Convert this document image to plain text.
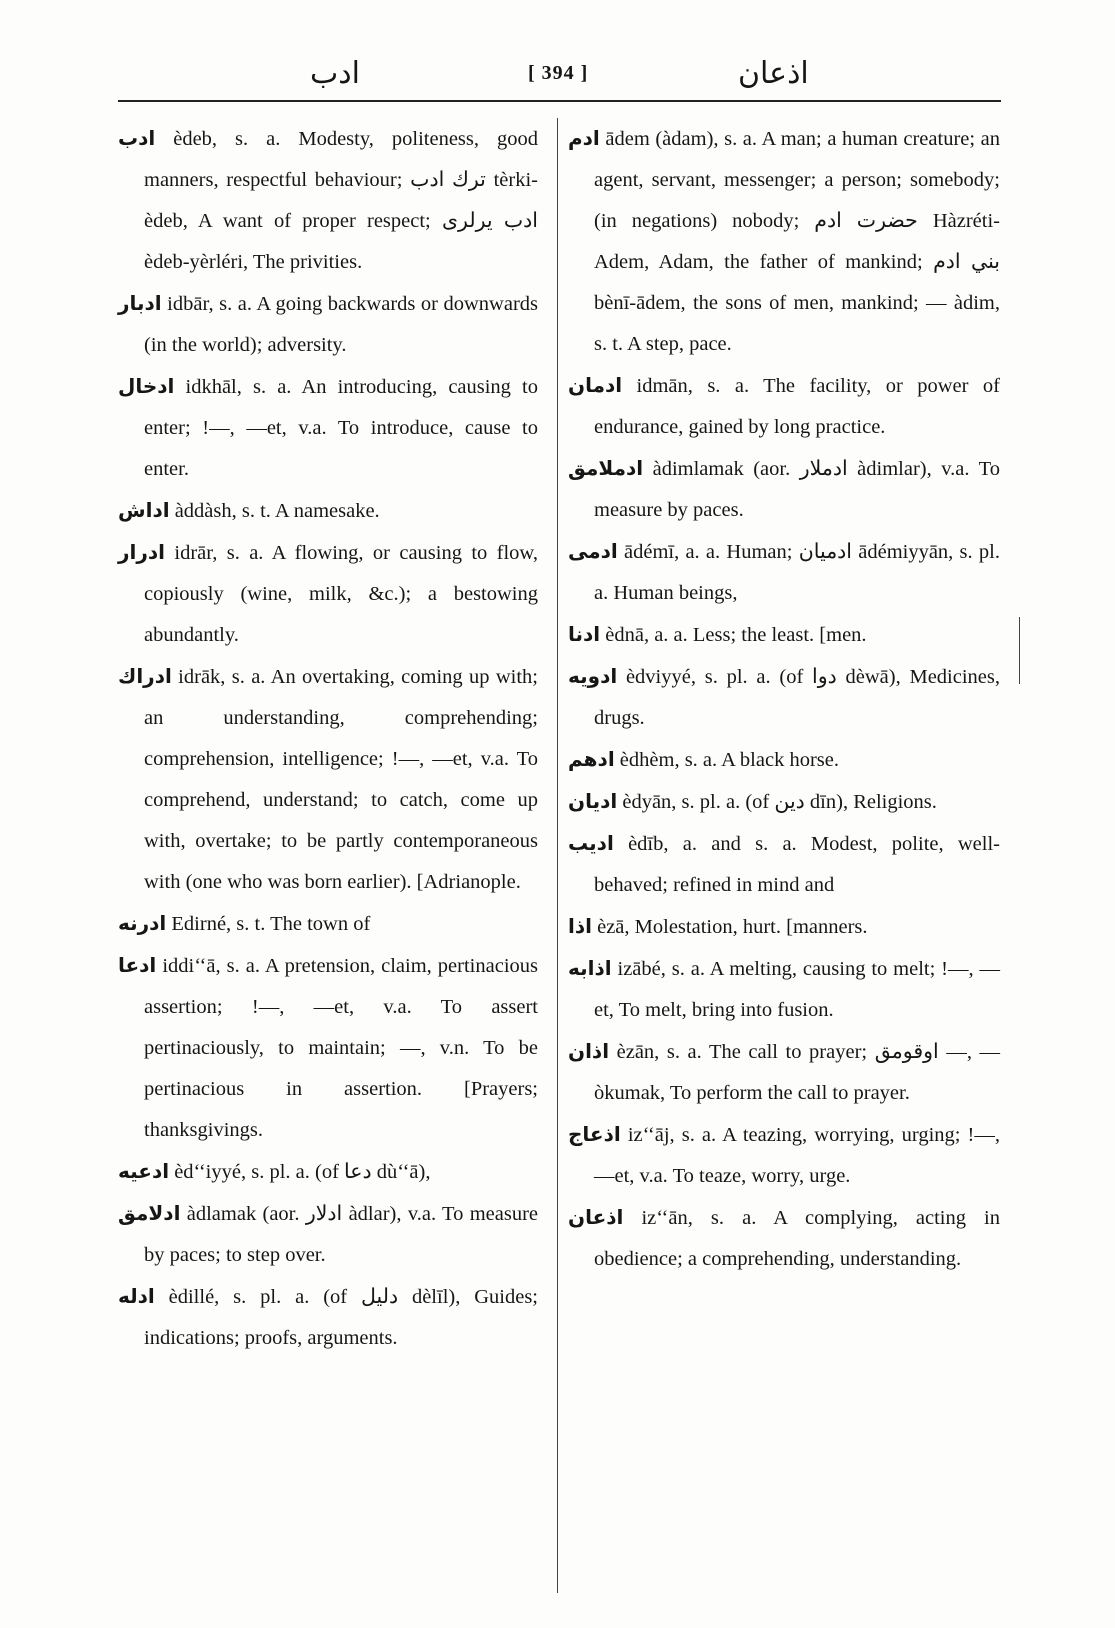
ادب	[ 394 ]	اذعان
ادب èdeb, s. a. Modesty, politeness, good manners, respectful behaviour; ترك ادب tèrki-èdeb, A want of proper respect; ادب يرلرى èdeb-yèrléri, The privities.
ادبار idbār, s. a. A going backwards or downwards (in the world); adversity.
ادخال idkhāl, s. a. An introducing, causing to enter; !—, —et, v.a. To introduce, cause to enter.
اداش àddàsh, s. t. A namesake.
ادرار idrār, s. a. A flowing, or causing to flow, copiously (wine, milk, &c.); a bestowing abundantly.
ادراك idrāk, s. a. An overtaking, coming up with; an understanding, comprehending; comprehension, intelligence; !—, —et, v.a. To comprehend, understand; to catch, come up with, overtake; to be partly contemporaneous with (one who was born earlier). [Adrianople.
ادرنه Edirné, s. t. The town of
ادعا iddi‘‘ā, s. a. A pretension, claim, pertinacious assertion; !—, —et, v.a. To assert pertinaciously, to maintain; —, v.n. To be pertinacious in assertion. [Prayers; thanksgivings.
ادعيه èd‘‘iyyé, s. pl. a. (of دعا dù‘‘ā),
ادلامق àdlamak (aor. ادلار àdlar), v.a. To measure by paces; to step over.
ادله èdillé, s. pl. a. (of دليل dèlīl), Guides; indications; proofs, arguments.
ادم ādem (àdam), s. a. A man; a human creature; an agent, servant, messenger; a person; somebody; (in negations) nobody; حضرت ادم Hàzréti-Adem, Adam, the father of mankind; بني ادم bènī-ādem, the sons of men, mankind; — àdim, s. t. A step, pace.
ادمان idmān, s. a. The facility, or power of endurance, gained by long practice.
ادملامق àdimlamak (aor. ادملار àdimlar), v.a. To measure by paces.
ادمى ādémī, a. a. Human; ادميان ādémiyyān, s. pl. a. Human beings,
ادنا èdnā, a. a. Less; the least. [men.
ادويه èdviyyé, s. pl. a. (of دوا dèwā), Medicines, drugs.
ادهم èdhèm, s. a. A black horse.
اديان èdyān, s. pl. a. (of دين dīn), Religions.
اديب èdīb, a. and s. a. Modest, polite, well-behaved; refined in mind and
اذا èzā, Molestation, hurt. [manners.
اذابه izābé, s. a. A melting, causing to melt; !—, —et, To melt, bring into fusion.
اذان èzān, s. a. The call to prayer; اوقومق —, — òkumak, To perform the call to prayer.
اذعاج iz‘‘āj, s. a. A teazing, worrying, urging; !—, —et, v.a. To teaze, worry, urge.
اذعان iz‘‘ān, s. a. A complying, acting in obedience; a comprehending, understanding.
